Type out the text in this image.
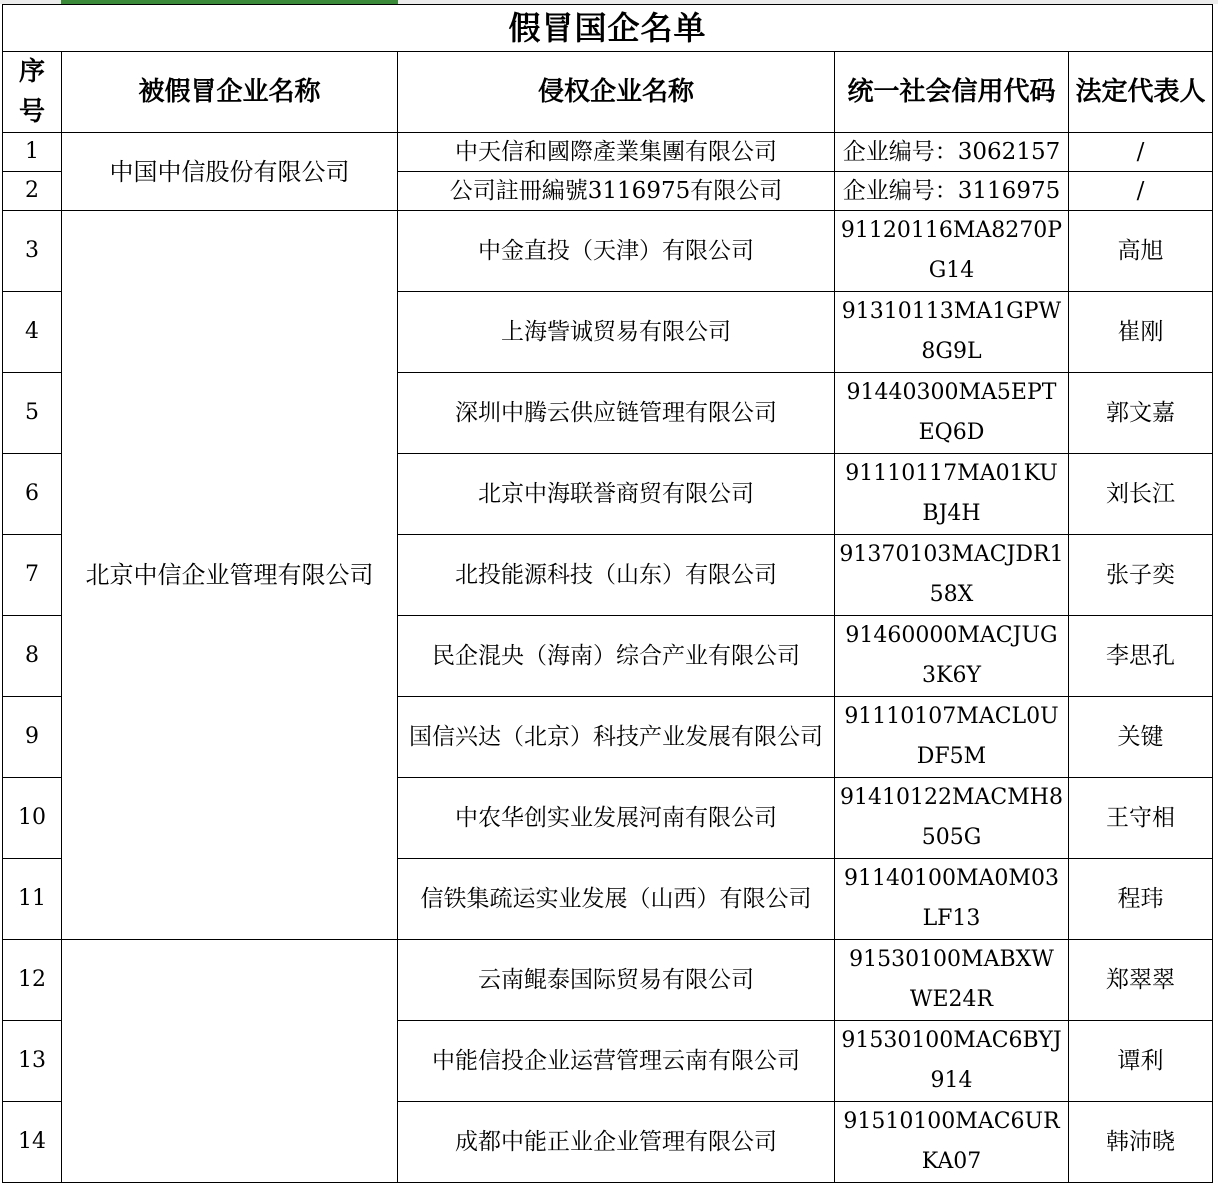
假冒国企名单				
序号	被假冒企业名称	侵权企业名称	统一社会信用代码	法定代表人
1	中国中信股份有限公司	中天信和國際產業集團有限公司	企业编号：3062157	/
2		公司註冊編號3116975有限公司	企业编号：3116975	/
3	北京中信企业管理有限公司	中金直投（天津）有限公司	91120116MA8270PG14	高旭
4		上海訾诚贸易有限公司	91310113MA1GPW8G9L	崔刚
5		深圳中腾云供应链管理有限公司	91440300MA5EPTEQ6D	郭文嘉
6		北京中海联誉商贸有限公司	91110117MA01KUBJ4H	刘长江
7		北投能源科技（山东）有限公司	91370103MACJDR158X	张子奕
8		民企混央（海南）综合产业有限公司	91460000MACJUG3K6Y	李思孔
9		国信兴达（北京）科技产业发展有限公司	91110107MACL0UDF5M	关键
10		中农华创实业发展河南有限公司	91410122MACMH8505G	王守相
11		信铁集疏运实业发展（山西）有限公司	91140100MA0M03LF13	程玮
12		云南鲲泰国际贸易有限公司	91530100MABXWWE24R	郑翠翠
13		中能信投企业运营管理云南有限公司	91530100MAC6BYJ914	谭利
14		成都中能正业企业管理有限公司	91510100MAC6URKA07	韩沛晓
